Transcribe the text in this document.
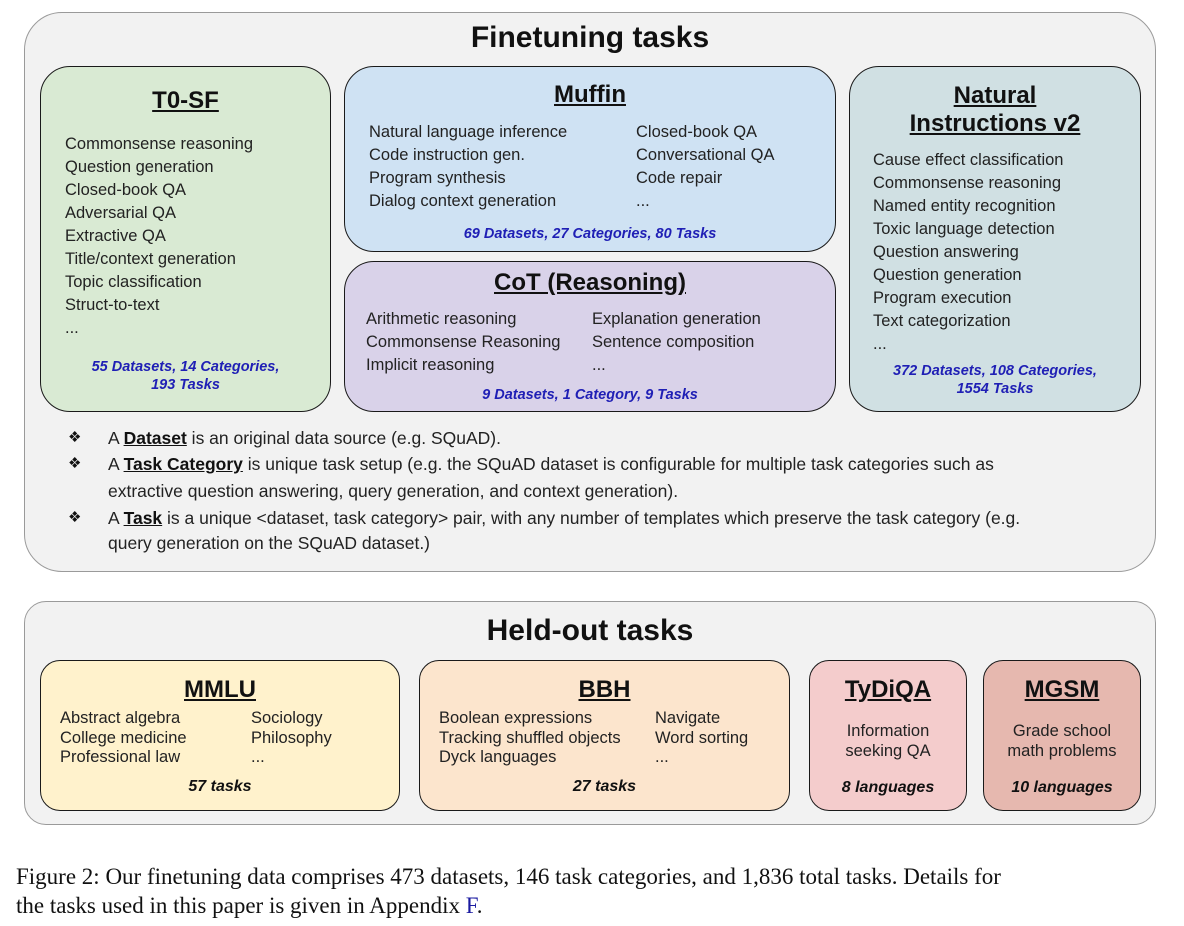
Finetuning tasks
T0-SF
Commonsense reasoning
Question generation
Closed-book QA
Adversarial QA
Extractive QA
Title/context generation
Topic classification
Struct-to-text
...
55 Datasets, 14 Categories,
193 Tasks
Muffin
Natural language inference
Code instruction gen.
Program synthesis
Dialog context generation
Closed-book QA
Conversational QA
Code repair
...
69 Datasets, 27 Categories, 80 Tasks
CoT (Reasoning)
Arithmetic reasoning
Commonsense Reasoning
Implicit reasoning
Explanation generation
Sentence composition
...
9 Datasets, 1 Category, 9 Tasks
Natural
Instructions v2
Cause effect classification
Commonsense reasoning
Named entity recognition
Toxic language detection
Question answering
Question generation
Program execution
Text categorization
...
372 Datasets, 108 Categories,
1554 Tasks
❖ A Dataset is an original data source (e.g. SQuAD).
❖ A Task Category is unique task setup (e.g. the SQuAD dataset is configurable for multiple task categories such as
extractive question answering, query generation, and context generation).
❖ A Task is a unique <dataset, task category> pair, with any number of templates which preserve the task category (e.g.
query generation on the SQuAD dataset.)
Held-out tasks
MMLU
Abstract algebra
College medicine
Professional law
Sociology
Philosophy
...
57 tasks
BBH
Boolean expressions
Tracking shuffled objects
Dyck languages
Navigate
Word sorting
...
27 tasks
TyDiQA
Information
seeking QA
8 languages
MGSM
Grade school
math problems
10 languages
Figure 2: Our finetuning data comprises 473 datasets, 146 task categories, and 1,836 total tasks. Details for
the tasks used in this paper is given in Appendix F.
